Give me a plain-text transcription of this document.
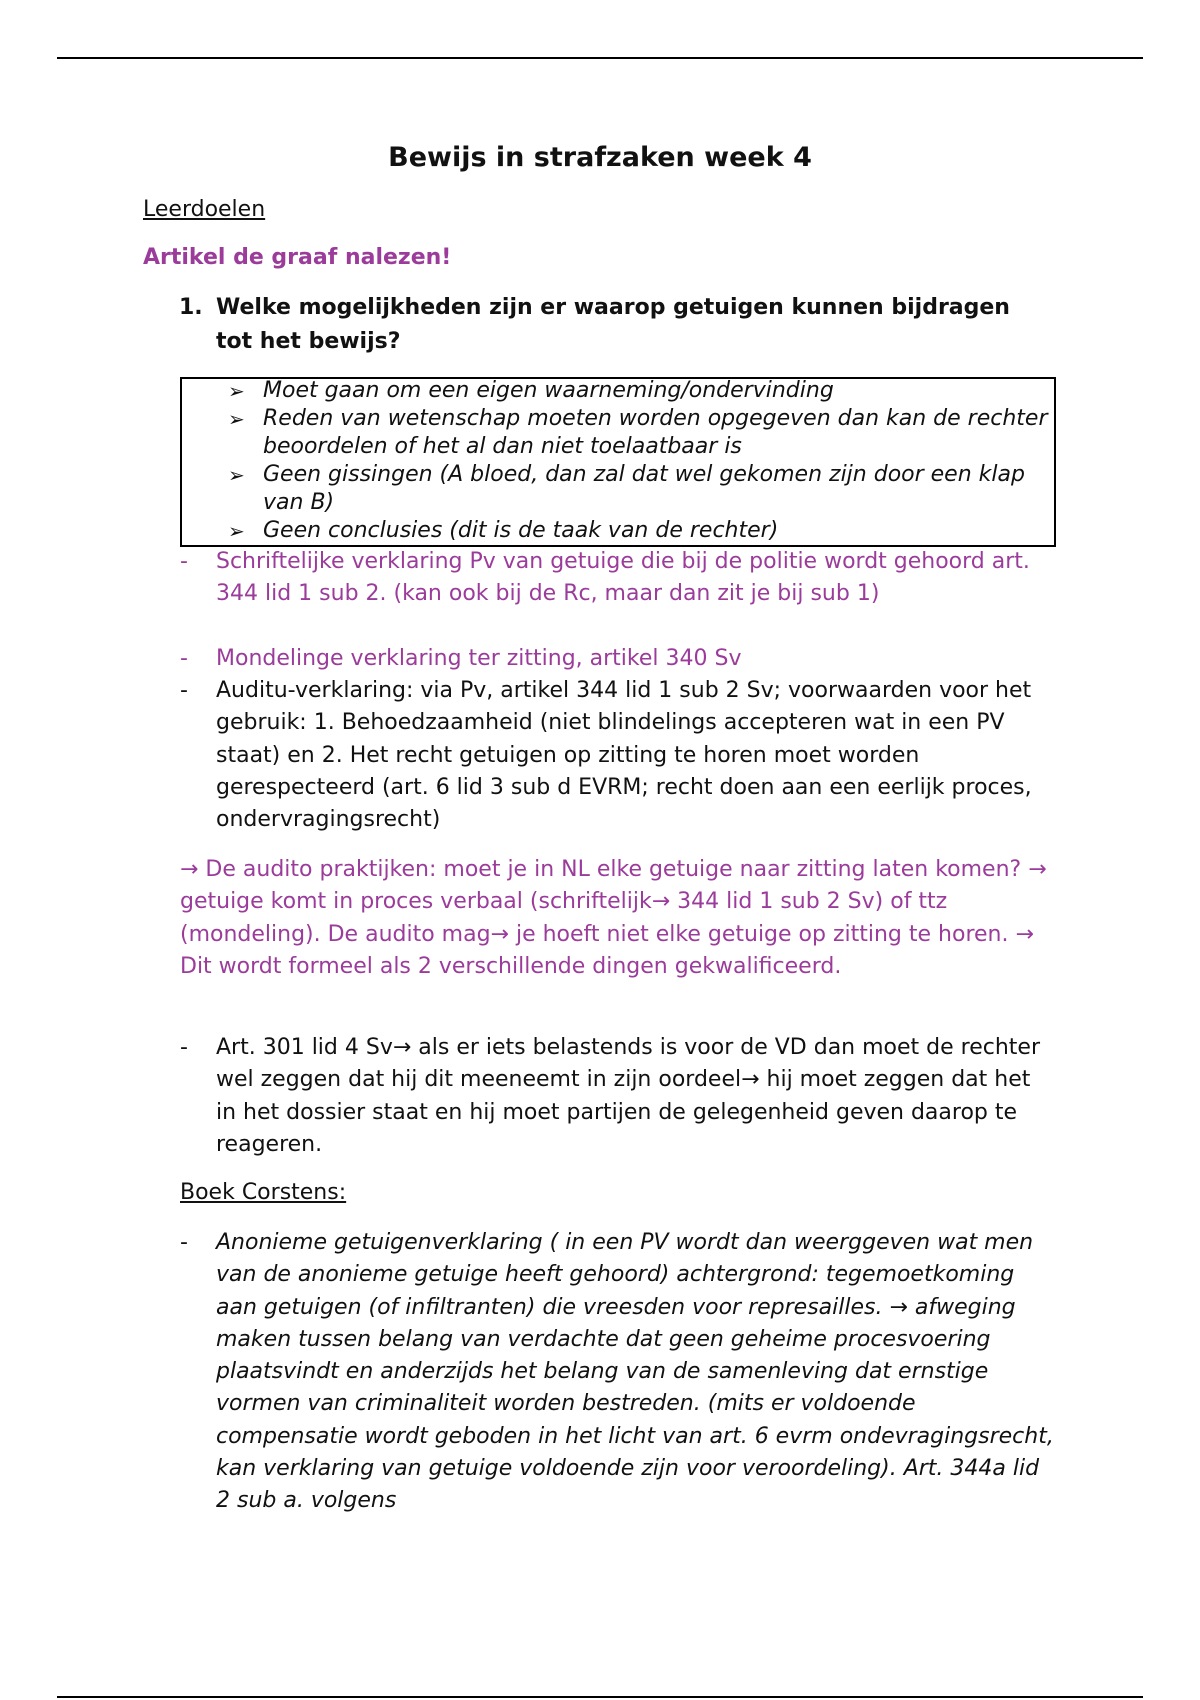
Bewijs in strafzaken week 4
Leerdoelen
Artikel de graaf nalezen!
1. Welke mogelijkheden zijn er waarop getuigen kunnen bijdragen tot het bewijs?
➢ Moet gaan om een eigen waarneming/ondervinding
➢ Reden van wetenschap moeten worden opgegeven dan kan de rechter beoordelen of het al dan niet toelaatbaar is
➢ Geen gissingen (A bloed, dan zal dat wel gekomen zijn door een klap van B)
➢ Geen conclusies (dit is de taak van de rechter)
- Schriftelijke verklaring Pv van getuige die bij de politie wordt gehoord art. 344 lid 1 sub 2. (kan ook bij de Rc, maar dan zit je bij sub 1)
- Mondelinge verklaring ter zitting, artikel 340 Sv
- Auditu-verklaring: via Pv, artikel 344 lid 1 sub 2 Sv; voorwaarden voor het gebruik: 1. Behoedzaamheid (niet blindelings accepteren wat in een PV staat) en 2. Het recht getuigen op zitting te horen moet worden gerespecteerd (art. 6 lid 3 sub d EVRM; recht doen aan een eerlijk proces, ondervragingsrecht)
→ De audito praktijken: moet je in NL elke getuige naar zitting laten komen? → getuige komt in proces verbaal (schriftelijk→ 344 lid 1 sub 2 Sv) of ttz (mondeling). De audito mag→ je hoeft niet elke getuige op zitting te horen. → Dit wordt formeel als 2 verschillende dingen gekwalificeerd.
- Art. 301 lid 4 Sv→ als er iets belastends is voor de VD dan moet de rechter wel zeggen dat hij dit meeneemt in zijn oordeel→ hij moet zeggen dat het in het dossier staat en hij moet partijen de gelegenheid geven daarop te reageren.
Boek Corstens:
- Anonieme getuigenverklaring ( in een PV wordt dan weerggeven wat men van de anonieme getuige heeft gehoord) achtergrond: tegemoetkoming aan getuigen (of infiltranten) die vreesden voor represailles. → afweging maken tussen belang van verdachte dat geen geheime procesvoering plaatsvindt en anderzijds het belang van de samenleving dat ernstige vormen van criminaliteit worden bestreden. (mits er voldoende compensatie wordt geboden in het licht van art. 6 evrm ondevragingsrecht, kan verklaring van getuige voldoende zijn voor veroordeling). Art. 344a lid 2 sub a. volgens
